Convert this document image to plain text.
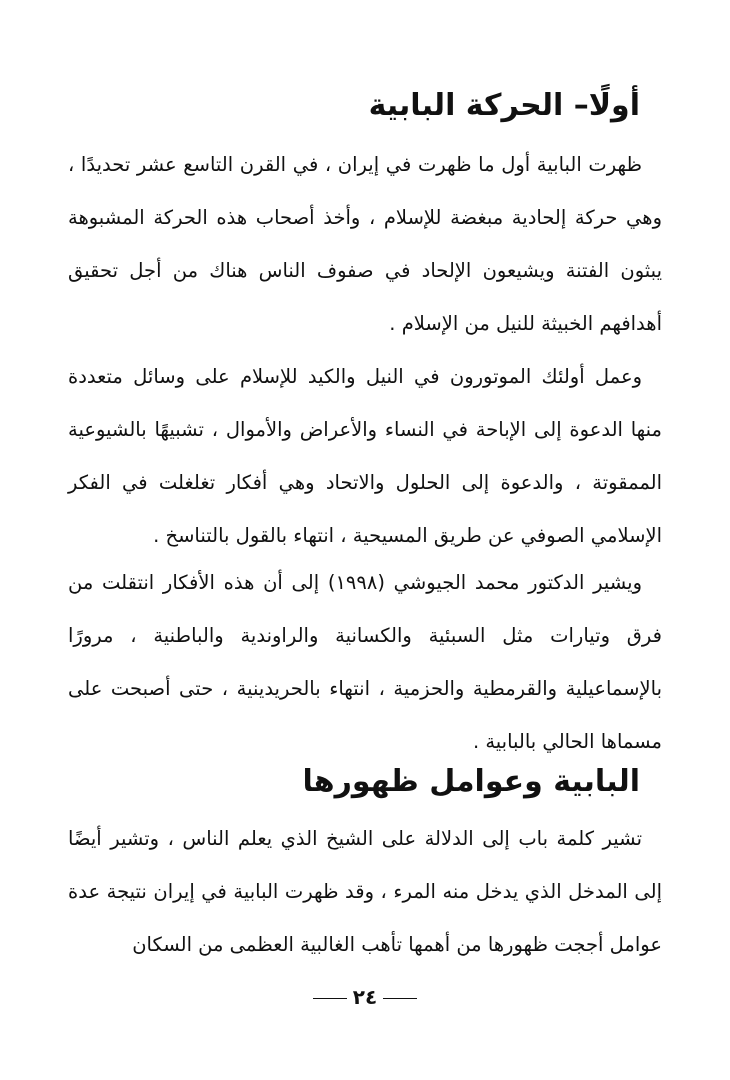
أولًا– الحركة البابية

ظهرت البابية أول ما ظهرت في إيران ، في القرن التاسع عشر تحديدًا ، وهي حركة إلحادية مبغضة للإسلام ، وأخذ أصحاب هذه الحركة المشبوهة يبثون الفتنة ويشيعون الإلحاد في صفوف الناس هناك من أجل تحقيق أهدافهم الخبيثة للنيل من الإسلام .

وعمل أولئك الموتورون في النيل والكيد للإسلام على وسائل متعددة منها الدعوة إلى الإباحة في النساء والأعراض والأموال ، تشبيهًا بالشيوعية الممقوتة ، والدعوة إلى الحلول والاتحاد وهي أفكار تغلغلت في الفكر الإسلامي الصوفي عن طريق المسيحية ، انتهاء بالقول بالتناسخ .

ويشير الدكتور محمد الجيوشي (١٩٩٨) إلى أن هذه الأفكار انتقلت من فرق وتيارات مثل السبئية والكسانية والراوندية والباطنية ، مرورًا بالإسماعيلية والقرمطية والحزمية ، انتهاء بالحريدينية ، حتى أصبحت على مسماها الحالي بالبابية .

البابية وعوامل ظهورها

تشير كلمة باب إلى الدلالة على الشيخ الذي يعلم الناس ، وتشير أيضًا إلى المدخل الذي يدخل منه المرء ، وقد ظهرت البابية في إيران نتيجة عدة عوامل أججت ظهورها من أهمها تأهب الغالبية العظمى من السكان

٢٤
